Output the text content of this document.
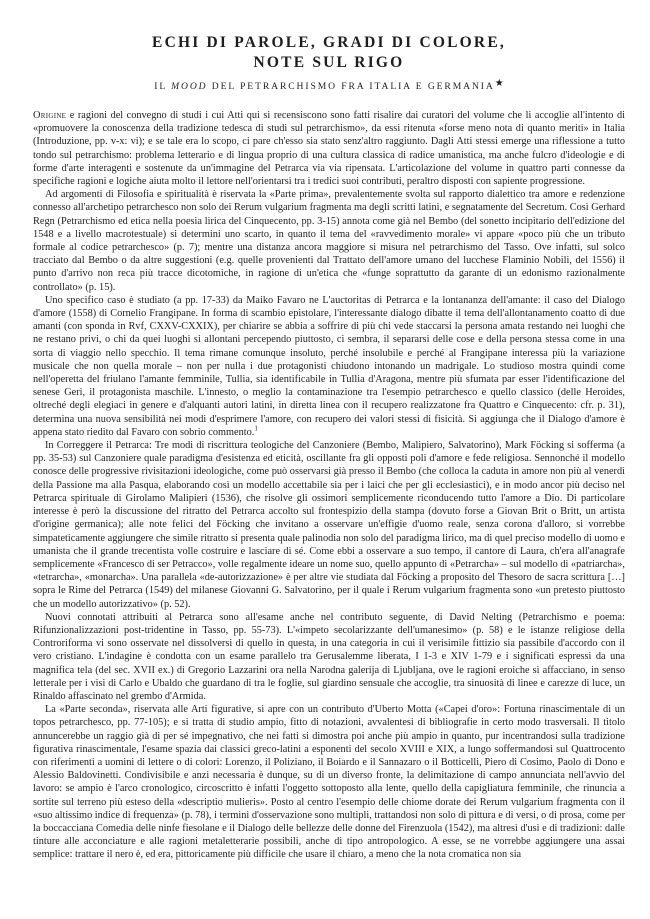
ECHI DI PAROLE, GRADI DI COLORE,
NOTE SUL RIGO

IL MOOD DEL PETRARCHISMO FRA ITALIA E GERMANIA★

Origine e ragioni del convegno di studi i cui Atti qui si recensiscono sono fatti risalire dai curatori del volume che li accoglie all'intento di «promuovere la conoscenza della tradizione tedesca di studi sul petrarchismo», da essi ritenuta «forse meno nota di quanto meriti» in Italia (Introduzione, pp. v-x: vi); e se tale era lo scopo, ci pare ch'esso sia stato senz'altro raggiunto. Dagli Atti stessi emerge una riflessione a tutto tondo sul petrarchismo: problema letterario e di lingua proprio di una cultura classica di radice umanistica, ma anche fulcro d'ideologie e di forme d'arte interagenti e sostenute da un'immagine del Petrarca via via ripensata. L'articolazione del volume in quattro parti connesse da specifiche ragioni e logiche aiuta molto il lettore nell'orientarsi tra i tredici suoi contributi, peraltro disposti con sapiente progressione.

Ad argomenti di Filosofia e spiritualità è riservata la «Parte prima», prevalentemente svolta sul rapporto dialettico tra amore e redenzione connesso all'archetipo petrarchesco non solo dei Rerum vulgarium fragmenta ma degli scritti latini, e segnatamente del Secretum. Così Gerhard Regn (Petrarchismo ed etica nella poesia lirica del Cinquecento, pp. 3-15) annota come già nel Bembo (del sonetto incipitario dell'edizione del 1548 e a livello macrotestuale) si determini uno scarto, in quanto il tema del «ravvedimento morale» vi appare «poco più che un tributo formale al codice petrarchesco» (p. 7); mentre una distanza ancora maggiore si misura nel petrarchismo del Tasso. Ove infatti, sul solco tracciato dal Bembo o da altre suggestioni (e.g. quelle provenienti dal Trattato dell'amore umano del lucchese Flaminio Nobili, del 1556) il punto d'arrivo non reca più tracce dicotomiche, in ragione di un'etica che «funge soprattutto da garante di un edonismo razionalmente controllato» (p. 15).

Uno specifico caso è studiato (a pp. 17-33) da Maiko Favaro ne L'auctoritas di Petrarca e la lontananza dell'amante: il caso del Dialogo d'amore (1558) di Cornelio Frangipane. In forma di scambio epistolare, l'interessante dialogo dibatte il tema dell'allontanamento coatto di due amanti (con sponda in Rvf, CXXV-CXXIX), per chiarire se abbia a soffrire di più chi vede staccarsi la persona amata restando nei luoghi che ne restano privi, o chi da quei luoghi si allontani percependo piuttosto, ci sembra, il separarsi delle cose e della persona stessa come in una sorta di viaggio nello specchio. Il tema rimane comunque insoluto, perché insolubile e perché al Frangipane interessa più la variazione musicale che non quella morale – non per nulla i due protagonisti chiudono intonando un madrigale. Lo studioso mostra quindi come nell'operetta del friulano l'amante femminile, Tullia, sia identificabile in Tullia d'Aragona, mentre più sfumata par esser l'identificazione del senese Geri, il protagonista maschile. L'innesto, o meglio la contaminazione tra l'esempio petrarchesco e quello classico (delle Heroides, oltreché degli elegiaci in genere e d'alquanti autori latini, in diretta linea con il recupero realizzatone fra Quattro e Cinquecento: cfr. p. 31), determina una nuova sensibilità nei modi d'esprimere l'amore, con recupero dei valori stessi di fisicità. Si aggiunga che il Dialogo d'amore è appena stato riedito dal Favaro con sobrio commento.$^1$

In Correggere il Petrarca: Tre modi di riscrittura teologiche del Canzoniere (Bembo, Malipiero, Salvatorino), Mark Föcking si sofferma (a pp. 35-53) sul Canzoniere quale paradigma d'esistenza ed eticità, oscillante fra gli opposti poli d'amore e fede religiosa. Sennonché il modello conosce delle progressive rivisitazioni ideologiche, come può osservarsi già presso il Bembo (che colloca la caduta in amore non più al venerdì della Passione ma alla Pasqua, elaborando così un modello accettabile sia per i laici che per gli ecclesiastici), e in modo ancor più deciso nel Petrarca spirituale di Girolamo Malipieri (1536), che risolve gli ossimori semplicemente riconducendo tutto l'amore a Dio. Di particolare interesse è però la discussione del ritratto del Petrarca accolto sul frontespizio della stampa (dovuto forse a Giovan Brit o Britt, un artista d'origine germanica); alle note felici del Föcking che invitano a osservare un'effigie d'uomo reale, senza corona d'alloro, si vorrebbe simpateticamente aggiungere che simile ritratto si presenta quale palinodia non solo del paradigma lirico, ma di quel preciso modello di uomo e umanista che il grande trecentista volle costruire e lasciare di sé. Come ebbi a osservare a suo tempo, il cantore di Laura, ch'era all'anagrafe semplicemente «Francesco di ser Petracco», volle regalmente idearе un nome suo, quello appunto di «Petrarcha» – sul modello di «patriarcha», «tetrarcha», «monarcha». Una parallela «de-autorizzazione» è per altre vie studiata dal Föcking a proposito del Thesoro de sacra scrittura […] sopra le Rime del Petrarca (1549) del milanese Giovanni G. Salvatorino, per il quale i Rerum vulgarium fragmenta sono «un pretesto piuttosto che un modello autorizzativo» (p. 52).

Nuovi connotati attribuiti al Petrarca sono all'esame anche nel contributo seguente, di David Nelting (Petrarchismo e poema: Rifunzionalizzazioni post-tridentine in Tasso, pp. 55-73). L'«impeto secolarizzante dell'umanesimo» (p. 58) e le istanze religiose della Controriforma vi sono osservate nel dissolversi di quello in questa, in una categoria in cui il verisimile fittizio sia passibile d'accordo con il vero cristiano. L'indagine è condotta con un esame parallelo tra Gerusalemme liberata, I 1-3 e XIV 1-79 e i significati espressi da una magnifica tela (del sec. XVII ex.) di Gregorio Lazzarini ora nella Narodna galerija di Ljubljana, ove le ragioni eroiche si affacciano, in senso letterale per i visi di Carlo e Ubaldo che guardano di tra le foglie, sul giardino sensuale che accoglie, tra sinuosità di linee e carezze di luce, un Rinaldo affascinato nel grembo d'Armida.

La «Parte seconda», riservata alle Arti figurative, si apre con un contributo d'Uberto Motta («Capei d'oro»: Fortuna rinascimentale di un topos petrarchesco, pp. 77-105); e si tratta di studio ampio, fitto di notazioni, avvalentesi di bibliografie in certo modo trasversali. Il titolo annuncerebbe un raggio già di per sé impegnativo, che nei fatti si dimostra poi anche più ampio in quanto, pur incentrandosi sulla tradizione figurativa rinascimentale, l'esame spazia dai classici greco-latini a esponenti del secolo XVIII e XIX, a lungo soffermandosi sul Quattrocento con riferimenti a uomini di lettere o di colori: Lorenzo, il Poliziano, il Boiardo e il Sannazaro o il Botticelli, Piero di Cosimo, Paolo di Dono e Alessio Baldovinetti. Condivisibile e anzi necessaria è dunque, su di un diverso fronte, la delimitazione di campo annunciata nell'avvio del lavoro: se ampio è l'arco cronologico, circoscritto è infatti l'oggetto sottoposto alla lente, quello della capigliatura femminile, che rinuncia a sortite sul terreno più esteso della «descriptio mulieris». Posto al centro l'esempio delle chiome dorate dei Rerum vulgarium fragmenta con il «suo altissimo indice di frequenza» (p. 78), i termini d'osservazione sono multipli, trattandosi non solo di pittura e di versi, o di prosa, come per la boccacciana Comedia delle ninfe fiesolane e il Dialogo delle bellezze delle donne del Firenzuola (1542), ma altresì d'usi e di tradizioni: dalle tinture alle acconciature e alle ragioni metaletterarie possibili, anche di tipo antropologico. A esse, se ne vorrebbe aggiungere una assai semplice: trattare il nero è, ed era, pittoricamente più difficile che usare il chiaro, a meno che la nota cromatica non sia
